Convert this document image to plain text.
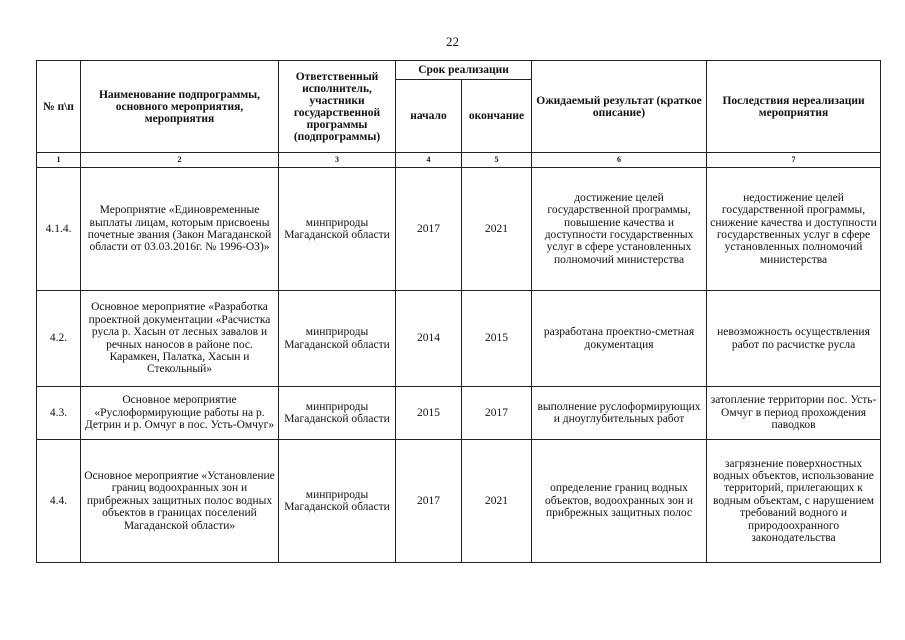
22
№ п\п	Наименование подпрограммы, основного мероприятия, мероприятия	Ответственный исполнитель, участники государственной программы (подпрограммы)	Срок реализации		Ожидаемый результат (краткое описание)	Последствия нереализации мероприятия
			начало	окончание		
1	2	3	4	5	6	7
4.1.4.	Мероприятие «Единовременные выплаты лицам, которым присвоены почетные звания (Закон Магаданской области от 03.03.2016г. № 1996-ОЗ)»	минприроды Магаданской области	2017	2021	достижение целей государственной программы, повышение качества и доступности государственных услуг в сфере установленных полномочий министерства	недостижение целей государственной программы, снижение качества и доступности государственных услуг в сфере установленных полномочий министерства
4.2.	Основное мероприятие «Разработка проектной документации «Расчистка русла р. Хасын от лесных завалов и речных наносов в районе пос. Карамкен, Палатка, Хасын и Стекольный»	минприроды Магаданской области	2014	2015	разработана проектно-сметная документация	невозможность осуществления работ по расчистке русла
4.3.	Основное мероприятие «Руслоформирующие работы на р. Детрин и р. Омчуг в пос. Усть-Омчуг»	минприроды Магаданской области	2015	2017	выполнение руслоформирующих и дноуглубительных работ	затопление территории пос. Усть-Омчуг в период прохождения паводков
4.4.	Основное мероприятие «Установление границ водоохранных зон и прибрежных защитных полос водных объектов в границах поселений Магаданской области»	минприроды Магаданской области	2017	2021	определение границ водных объектов, водоохранных зон и прибрежных защитных полос	загрязнение поверхностных водных объектов, использование территорий, прилегающих к водным объектам, с нарушением требований водного и природоохранного законодательства
